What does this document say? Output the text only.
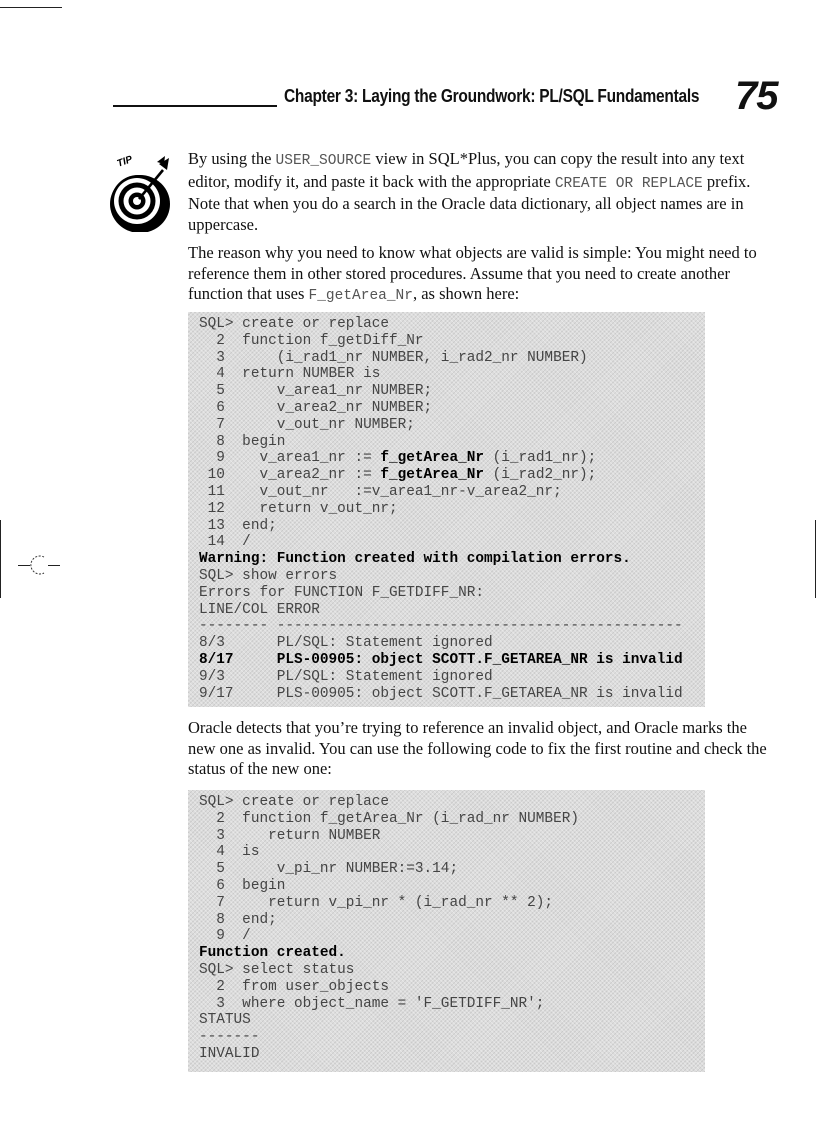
Chapter 3: Laying the Groundwork: PL/SQL Fundamentals 75
TIP	By using the USER_SOURCE view in SQL*Plus, you can copy the result into any text editor, modify it, and paste it back with the appropriate CREATE OR REPLACE prefix. Note that when you do a search in the Oracle data dictionary, all object names are in uppercase.

The reason why you need to know what objects are valid is simple: You might need to reference them in other stored procedures. Assume that you need to create another function that uses F_getArea_Nr, as shown here:

SQL> create or replace
2  function f_getDiff_Nr
3      (i_rad1_nr NUMBER, i_rad2_nr NUMBER)
4  return NUMBER is
5      v_area1_nr NUMBER;
6      v_area2_nr NUMBER;
7      v_out_nr NUMBER;
8  begin
9    v_area1_nr := f_getArea_Nr (i_rad1_nr);
10    v_area2_nr := f_getArea_Nr (i_rad2_nr);
11    v_out_nr   :=v_area1_nr-v_area2_nr;
12    return v_out_nr;
13  end;
14  /
Warning: Function created with compilation errors.
SQL> show errors
Errors for FUNCTION F_GETDIFF_NR:
LINE/COL ERROR
-------- -----------------------------------------------
8/3      PL/SQL: Statement ignored
8/17     PLS-00905: object SCOTT.F_GETAREA_NR is invalid
9/3      PL/SQL: Statement ignored
9/17     PLS-00905: object SCOTT.F_GETAREA_NR is invalid

Oracle detects that you’re trying to reference an invalid object, and Oracle marks the new one as invalid. You can use the following code to fix the first routine and check the status of the new one:

SQL> create or replace
2  function f_getArea_Nr (i_rad_nr NUMBER)
3     return NUMBER
4  is
5      v_pi_nr NUMBER:=3.14;
6  begin
7     return v_pi_nr * (i_rad_nr ** 2);
8  end;
9  /
Function created.
SQL> select status
2  from user_objects
3  where object_name = 'F_GETDIFF_NR';
STATUS
-------
INVALID
